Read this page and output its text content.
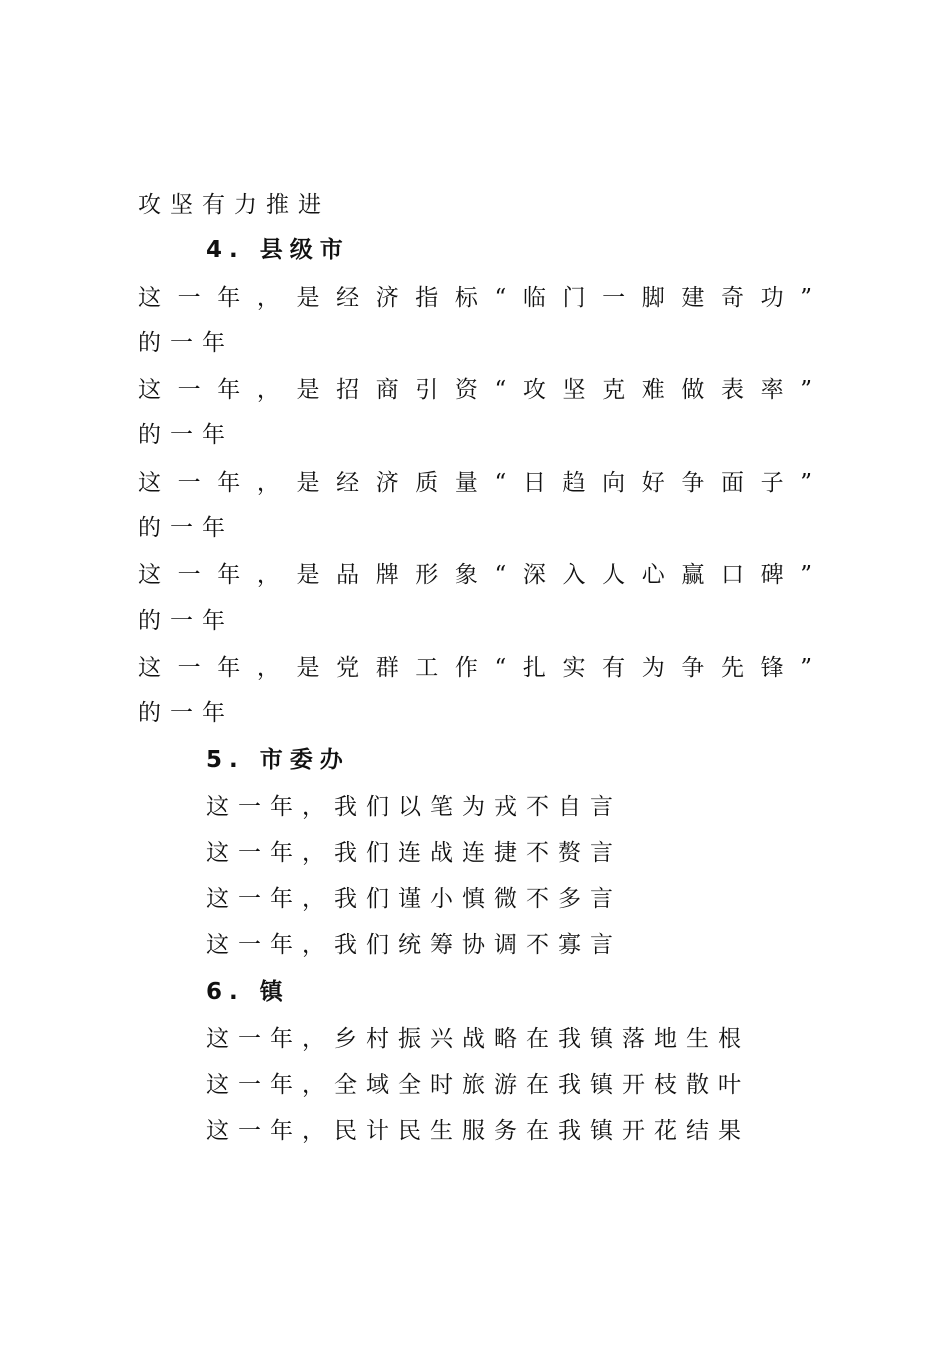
攻坚有力推进
4. 县级市
这一年，是经济指标“临门一脚建奇功”
的一年
这一年，是招商引资“攻坚克难做表率”
的一年
这一年，是经济质量“日趋向好争面子”
的一年
这一年，是品牌形象“深入人心赢口碑”
的一年
这一年，是党群工作“扎实有为争先锋”
的一年
5. 市委办
这一年，我们以笔为戎不自言
这一年，我们连战连捷不赘言
这一年，我们谨小慎微不多言
这一年，我们统筹协调不寡言
6. 镇
这一年，乡村振兴战略在我镇落地生根
这一年，全域全时旅游在我镇开枝散叶
这一年，民计民生服务在我镇开花结果
